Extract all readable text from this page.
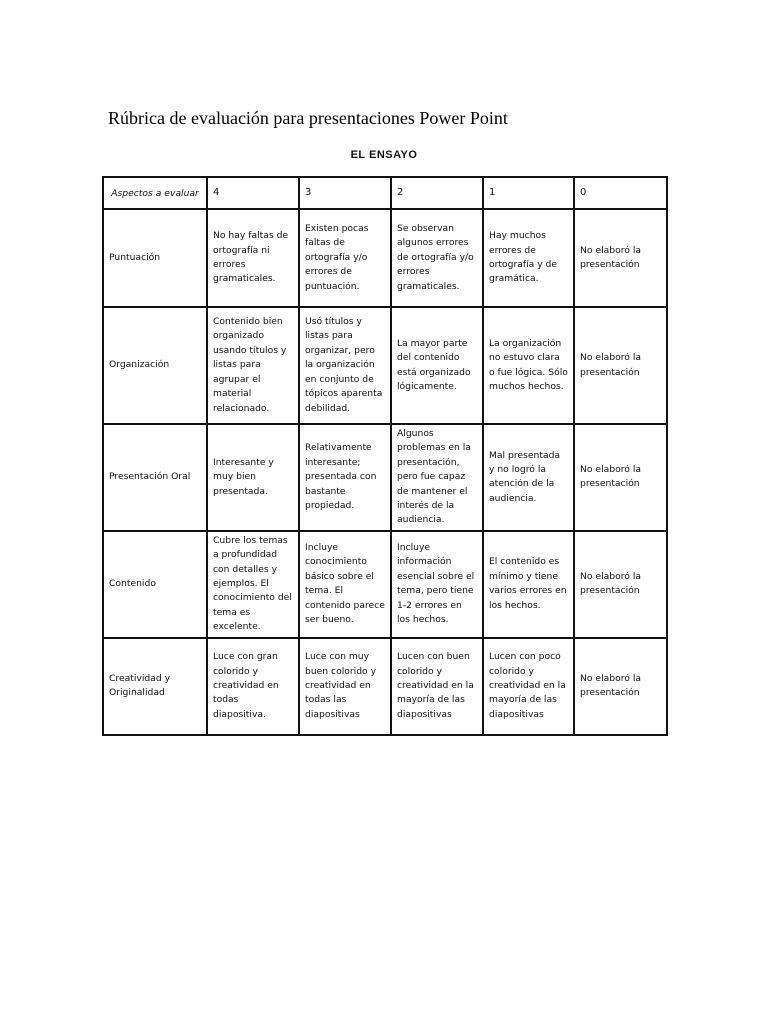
Rúbrica de evaluación para presentaciones Power Point
EL ENSAYO
Aspectos a evaluar	4	3	2	1	0
Puntuación	No hay faltas de ortografía ni errores gramaticales.	Existen pocas faltas de ortografía y/o errores de puntuación.	Se observan algunos errores de ortografía y/o errores gramaticales.	Hay muchos errores de ortografía y de gramática.	No elaboró la presentación
Organización	Contenido bien organizado usando títulos y listas para agrupar el material relacionado.	Usó títulos y listas para organizar, pero la organización en conjunto de tópicos aparenta debilidad.	La mayor parte del contenido está organizado lógicamente.	La organización no estuvo clara o fue lógica. Sólo muchos hechos.	No elaboró la presentación
Presentación Oral	Interesante y muy bien presentada.	Relativamente interesante; presentada con bastante propiedad.	Algunos problemas en la presentación, pero fue capaz de mantener el interés de la audiencia.	Mal presentada y no logró la atención de la audiencia.	No elaboró la presentación
Contenido	Cubre los temas a profundidad con detalles y ejemplos. El conocimiento del tema es excelente.	Incluye conocimiento básico sobre el tema. El contenido parece ser bueno.	Incluye información esencial sobre el tema, pero tiene 1-2 errores en los hechos.	El contenido es mínimo y tiene varios errores en los hechos.	No elaboró la presentación
Creatividad y Originalidad	Luce con gran colorido y creatividad en todas diapositiva.	Luce con muy buen colorido y creatividad en todas las diapositivas	Lucen con buen colorido y creatividad en la mayoría de las diapositivas	Lucen con poco colorido y creatividad en la mayoría de las diapositivas	No elaboró la presentación
